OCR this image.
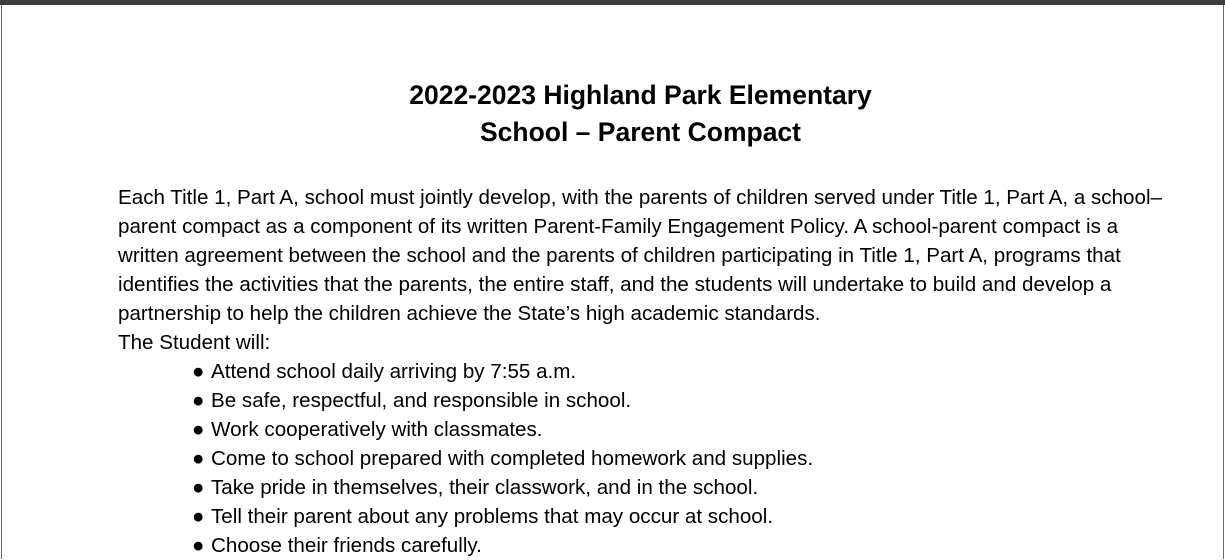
2022-2023 Highland Park Elementary
School – Parent Compact

Each Title 1, Part A, school must jointly develop, with the parents of children served under Title 1, Part A, a school–parent compact as a component of its written Parent-Family Engagement Policy. A school-parent compact is a written agreement between the school and the parents of children participating in Title 1, Part A, programs that identifies the activities that the parents, the entire staff, and the students will undertake to build and develop a partnership to help the children achieve the State’s high academic standards.

The Student will:

● Attend school daily arriving by 7:55 a.m.
● Be safe, respectful, and responsible in school.
● Work cooperatively with classmates.
● Come to school prepared with completed homework and supplies.
● Take pride in themselves, their classwork, and in the school.
● Tell their parent about any problems that may occur at school.
● Choose their friends carefully.
